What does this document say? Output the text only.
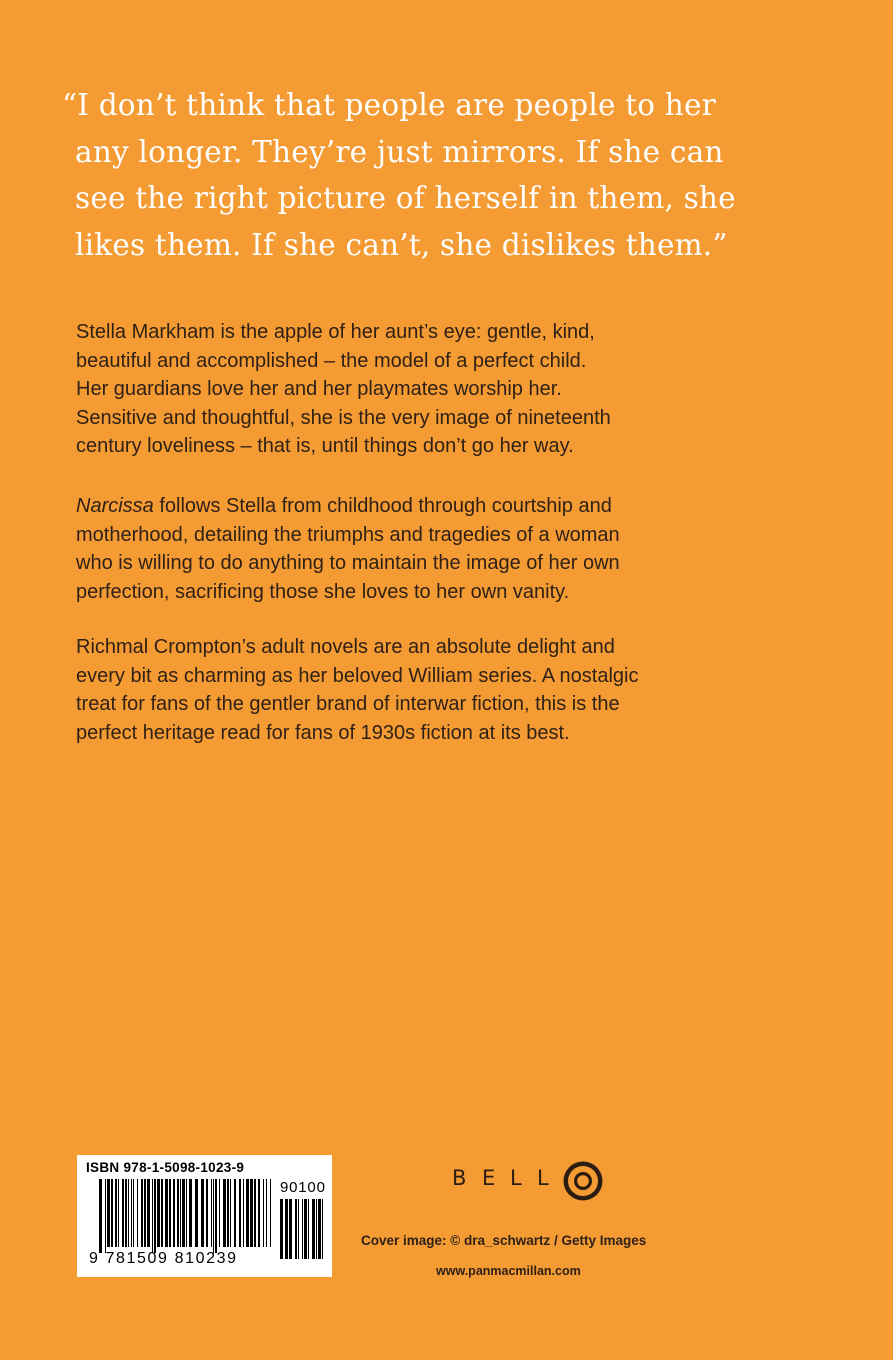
“I don’t think that people are people to her
any longer. They’re just mirrors. If she can
see the right picture of herself in them, she
likes them. If she can’t, she dislikes them.”
Stella Markham is the apple of her aunt’s eye: gentle, kind,
beautiful and accomplished – the model of a perfect child.
Her guardians love her and her playmates worship her.
Sensitive and thoughtful, she is the very image of nineteenth
century loveliness – that is, until things don’t go her way.
Narcissa follows Stella from childhood through courtship and
motherhood, detailing the triumphs and tragedies of a woman
who is willing to do anything to maintain the image of her own
perfection, sacrificing those she loves to her own vanity.
Richmal Crompton’s adult novels are an absolute delight and
every bit as charming as her beloved William series. A nostalgic
treat for fans of the gentler brand of interwar fiction, this is the
perfect heritage read for fans of 1930s fiction at its best.
ISBN 978-1-5098-1023-9
90100
9 781509 810239
B E L L
Cover image: © dra_schwartz / Getty Images
www.panmacmillan.com
